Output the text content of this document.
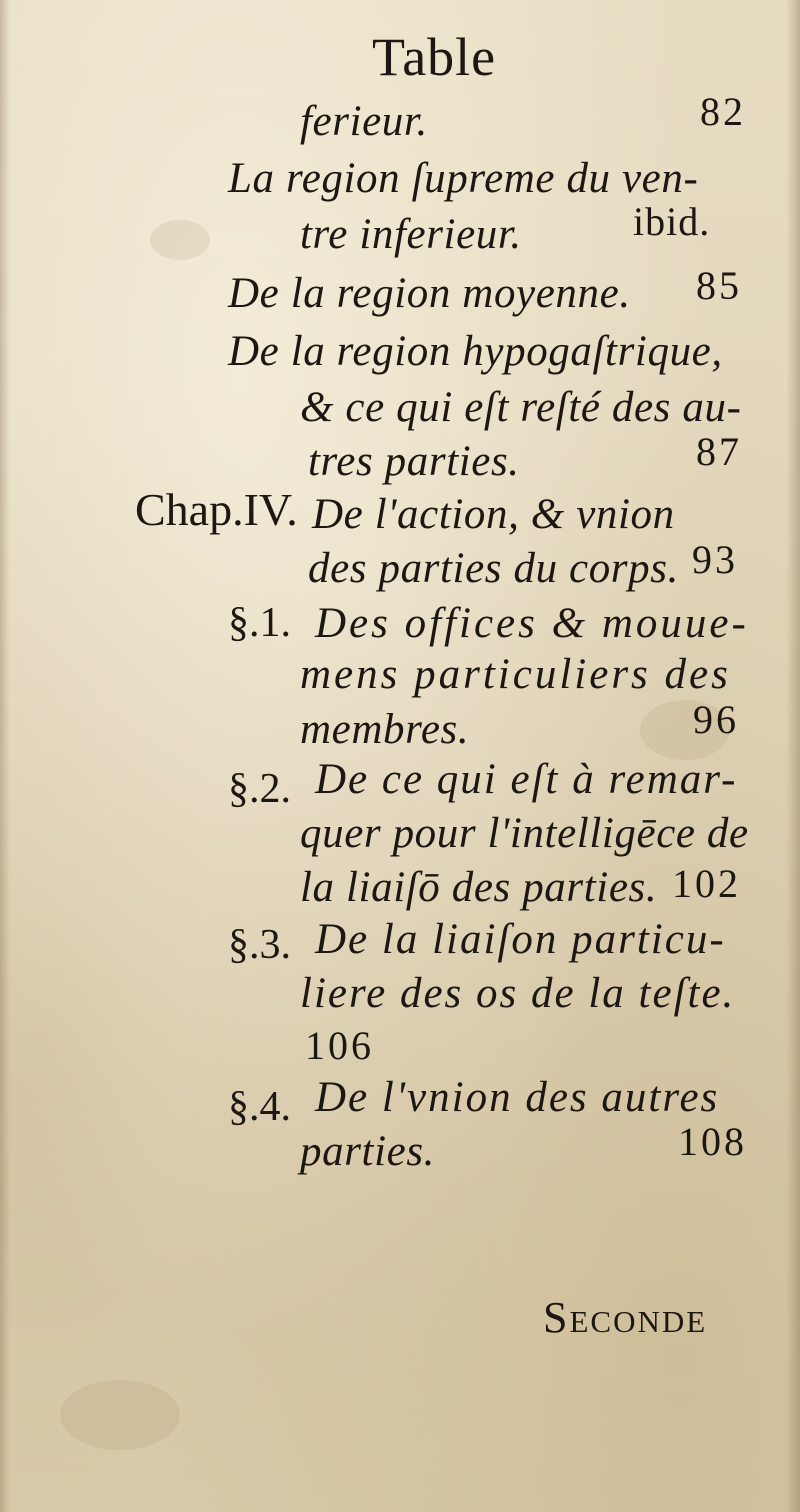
Table
ferieur.	82
La region ſupreme du ven-
tre inferieur.	ibid.
De la region moyenne. 85
De la region hypogaſtrique,
& ce qui eſt reſté des au-
tres parties.	87
Chap.IV. De l'action, & vnion
des parties du corps. 93
§.1. Des offices & mouue-
mens particuliers des
membres.	96
§.2. De ce qui eſt à remar-
quer pour l'intelligēce de
la liaiſō des parties. 102
§.3. De la liaiſon particu-
liere des os de la teſte.
106
§.4. De l'vnion des autres
parties.	108
Seconde
